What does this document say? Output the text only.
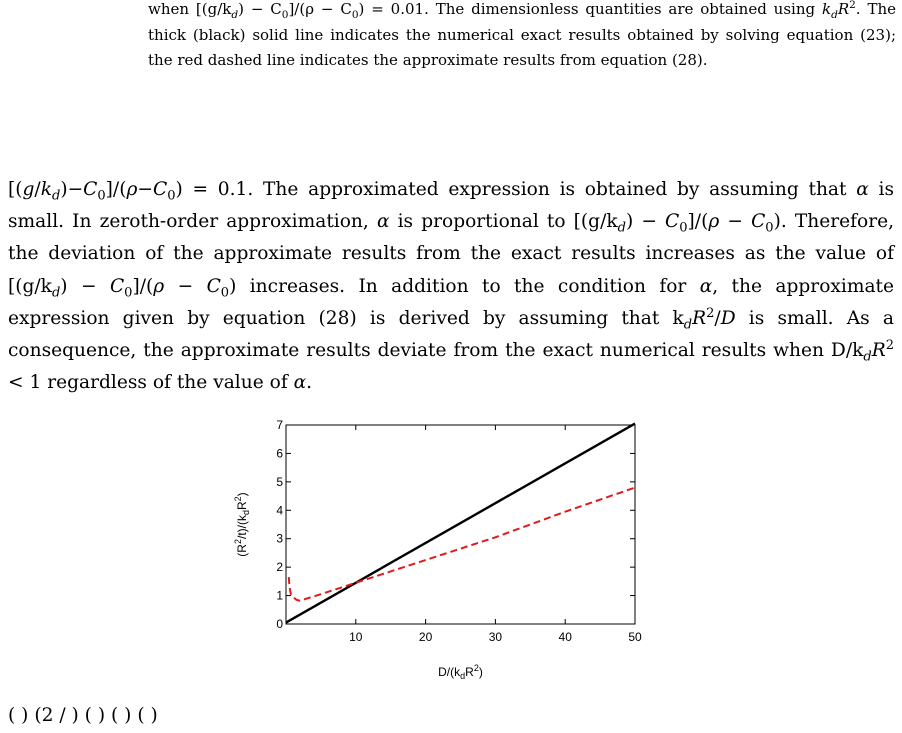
when $[(g/k_d) - C_0]/(\rho - C_0) = 0.01$. The dimensionless quantities are obtained using $k_dR^2$. The thick (black) solid line indicates the numerical exact results obtained by solving equation (23); the red dashed line indicates the approximate results from equation (28).

$[(g/k_d)-C_0]/(\rho-C_0) = 0.1$. The approximated expression is obtained by assuming that α is small. In zeroth-order approximation, α is proportional to $[(g/k_d) - C_0]/(\rho - C_0)$. Therefore, the deviation of the approximate results from the exact results increases as the value of $[(g/k_d) - C_0]/(\rho - C_0)$ increases. In addition to the condition for α, the approximate expression given by equation (28) is derived by assuming that $k_dR^2/D$ is small. As a consequence, the approximate results deviate from the exact numerical results when $D/k_dR^2 < 1$ regardless of the value of α.

$D/(k_dR^2)$
$(R^2/t)/(k_dR^2)$
10	20	30	40	50
0
1
2
3
4
5
6
7
( ) (2 / ) ( ) ( ) ( )
